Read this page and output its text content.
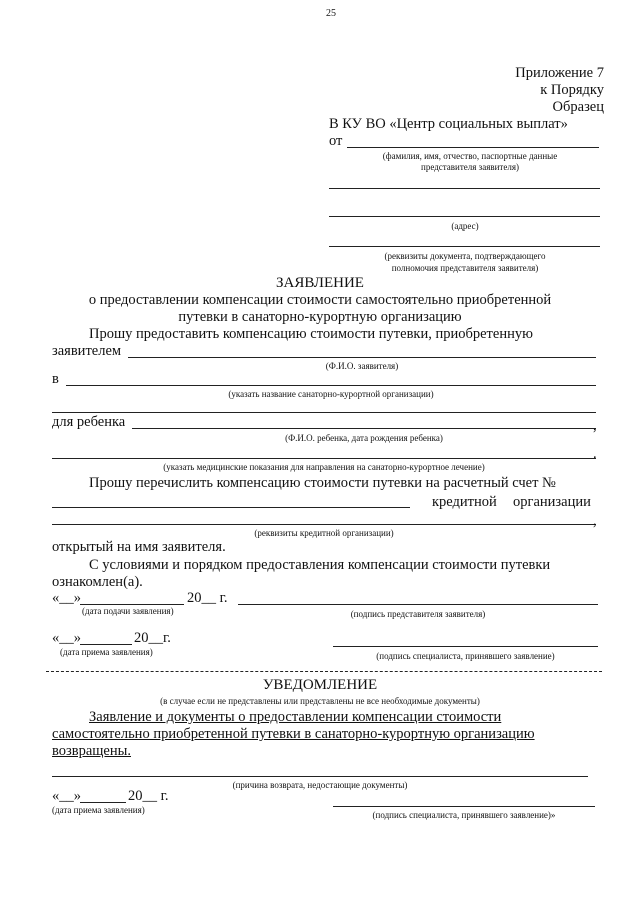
25
Приложение 7
к Порядку
Образец
В КУ ВО «Центр социальных выплат»
от
(фамилия, имя, отчество, паспортные данные
представителя заявителя)
(адрес)
(реквизиты документа, подтверждающего
полномочия представителя заявителя)
ЗАЯВЛЕНИЕ
о предоставлении компенсации стоимости самостоятельно приобретенной
путевки в санаторно-курортную организацию
Прошу предоставить компенсацию стоимости путевки, приобретенную
заявителем
(Ф.И.О. заявителя)
в
(указать название санаторно-курортной организации)
для ребенка	,
(Ф.И.О. ребенка, дата рождения ребенка)
.
(указать медицинские показания для направления на санаторно-курортное лечение)
Прошу перечислить компенсацию стоимости путевки на расчетный счет №
кредитной организации
,
(реквизиты кредитной организации)
открытый на имя заявителя.
С условиями и порядком предоставления компенсации стоимости путевки
ознакомлен(а).
«__»	20__ г.
(дата подачи заявления)	(подпись представителя заявителя)
«__»	20__г.
(дата приема заявления)	(подпись специалиста, принявшего заявление)
УВЕДОМЛЕНИЕ
(в случае если не представлены или представлены не все необходимые документы)
Заявление и документы о предоставлении компенсации стоимости
самостоятельно приобретенной путевки в санаторно-курортную организацию
возвращены.
(причина возврата, недостающие документы)
«__»	20__ г.
(дата приема заявления)	(подпись специалиста, принявшего заявление)»
